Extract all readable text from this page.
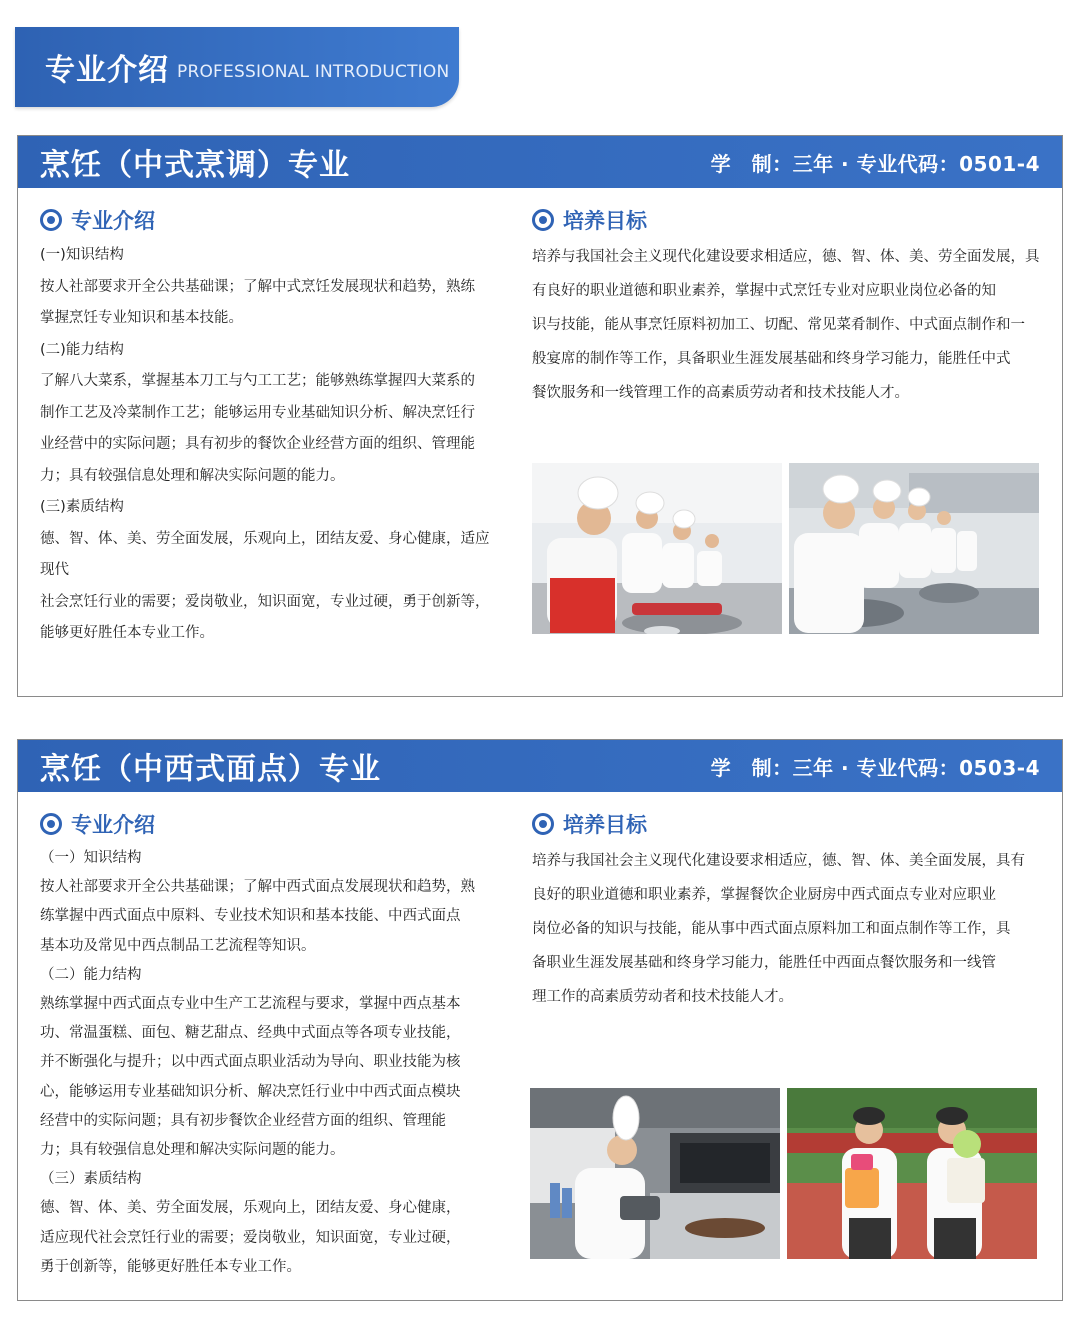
专业介绍 PROFESSIONAL INTRODUCTION
烹饪（中式烹调）专业	学　制：三年 · 专业代码：0501-4
专业介绍

(一)知识结构

按人社部要求开全公共基础课；了解中式烹饪发展现状和趋势，熟练

掌握烹饪专业知识和基本技能。

(二)能力结构

了解八大菜系，掌握基本刀工与勺工工艺；能够熟练掌握四大菜系的

制作工艺及冷菜制作工艺；能够运用专业基础知识分析、解决烹饪行

业经营中的实际问题；具有初步的餐饮企业经营方面的组织、管理能

力；具有较强信息处理和解决实际问题的能力。

(三)素质结构

德、智、体、美、劳全面发展，乐观向上，团结友爱、身心健康，适应现代

社会烹饪行业的需要；爱岗敬业，知识面宽，专业过硬，勇于创新等，

能够更好胜任本专业工作。

培养目标

培养与我国社会主义现代化建设要求相适应，德、智、体、美、劳全面发展，具

有良好的职业道德和职业素养，掌握中式烹饪专业对应职业岗位必备的知

识与技能，能从事烹饪原料初加工、切配、常见菜肴制作、中式面点制作和一

般宴席的制作等工作，具备职业生涯发展基础和终身学习能力，能胜任中式

餐饮服务和一线管理工作的高素质劳动者和技术技能人才。

烹饪（中西式面点）专业	学　制：三年 · 专业代码：0503-4
专业介绍

（一）知识结构

按人社部要求开全公共基础课；了解中西式面点发展现状和趋势，熟

练掌握中西式面点中原料、专业技术知识和基本技能、中西式面点

基本功及常见中西点制品工艺流程等知识。

（二）能力结构

熟练掌握中西式面点专业中生产工艺流程与要求，掌握中西点基本

功、常温蛋糕、面包、糖艺甜点、经典中式面点等各项专业技能，

并不断强化与提升；以中西式面点职业活动为导向、职业技能为核

心，能够运用专业基础知识分析、解决烹饪行业中中西式面点模块

经营中的实际问题；具有初步餐饮企业经营方面的组织、管理能

力；具有较强信息处理和解决实际问题的能力。

（三）素质结构

德、智、体、美、劳全面发展，乐观向上，团结友爱、身心健康，

适应现代社会烹饪行业的需要；爱岗敬业，知识面宽，专业过硬，

勇于创新等，能够更好胜任本专业工作。

培养目标

培养与我国社会主义现代化建设要求相适应，德、智、体、美全面发展，具有

良好的职业道德和职业素养，掌握餐饮企业厨房中西式面点专业对应职业

岗位必备的知识与技能，能从事中西式面点原料加工和面点制作等工作，具

备职业生涯发展基础和终身学习能力，能胜任中西面点餐饮服务和一线管

理工作的高素质劳动者和技术技能人才。
